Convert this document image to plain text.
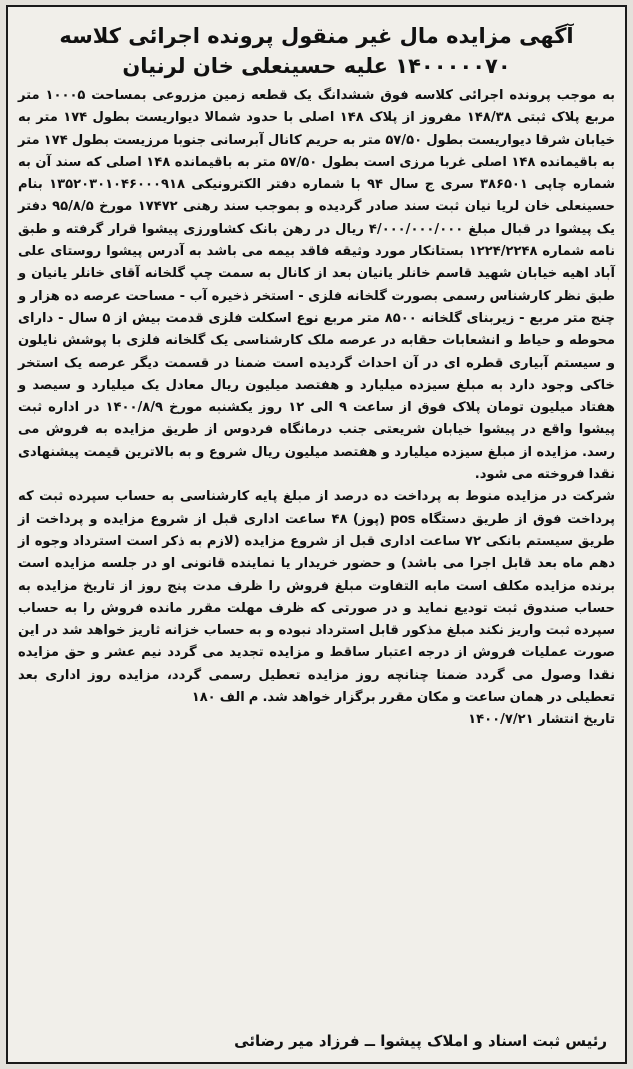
آگهی مزایده مال غیر منقول پرونده اجرائی کلاسه
۱۴۰۰۰۰۰۷۰ علیه حسینعلی خان لرنیان

به موجب پرونده اجرائی کلاسه فوق ششدانگ یک قطعه زمین مزروعی بمساحت ۱۰۰۰۵ متر مربع پلاک ثبتی ۱۴۸/۳۸ مفروز از پلاک ۱۴۸ اصلی با حدود شمالا دیواریست بطول ۱۷۴ متر به خیابان شرقا دیواریست بطول ۵۷/۵۰ متر به حریم کانال آبرسانی جنوبا مرزیست بطول ۱۷۴ متر به باقیمانده ۱۴۸ اصلی غربا مرزی است بطول ۵۷/۵۰ متر به باقیمانده ۱۴۸ اصلی که سند آن به شماره چاپی ۳۸۶۵۰۱ سری ج سال ۹۴ با شماره دفتر الکترونیکی ۱۳۵۲۰۳۰۱۰۴۶۰۰۰۹۱۸ بنام حسینعلی خان لریا نیان ثبت سند صادر گردیده و بموجب سند رهنی ۱۷۴۷۲ مورخ ۹۵/۸/۵ دفتر یک پیشوا در قبال مبلغ ۴/۰۰۰/۰۰۰/۰۰۰ ریال در رهن بانک کشاورزی پیشوا قرار گرفته و طبق نامه شماره ۱۲۲۴/۲۲۴۸ بستانکار مورد وثیقه فاقد بیمه می باشد به آدرس پیشوا روستای علی آباد اهیه خیابان شهید قاسم خانلر یانیان بعد از کانال به سمت چپ گلخانه آقای خانلر یانیان و طبق نظر کارشناس رسمی بصورت گلخانه فلزی - استخر ذخیره آب - مساحت عرصه ده هزار و چنج متر مربع - زیربنای گلخانه ۸۵۰۰ متر مربع نوع اسکلت فلزی قدمت بیش از ۵ سال - دارای محوطه و حیاط و انشعابات حقابه در عرصه ملک کارشناسی یک گلخانه فلزی با پوشش نایلون و سیستم آبیاری قطره ای در آن احداث گردیده است ضمنا در قسمت دیگر عرصه یک استخر خاکی وجود دارد به مبلغ سیزده میلیارد و هفتصد میلیون ریال معادل یک میلیارد و سیصد و هفتاد میلیون تومان پلاک فوق از ساعت ۹ الی ۱۲ روز یکشنبه مورخ ۱۴۰۰/۸/۹ در اداره ثبت پیشوا واقع در پیشوا خیابان شریعتی جنب درمانگاه فردوس از طریق مزایده به فروش می رسد. مزایده از مبلغ سیزده میلیارد و هفتصد میلیون ریال شروع و به بالاترین قیمت پیشنهادی نقدا فروخته می شود.

شرکت در مزایده منوط به پرداخت ده درصد از مبلغ پایه کارشناسی به حساب سپرده ثبت که پرداخت فوق از طریق دستگاه pos (پوز) ۴۸ ساعت اداری قبل از شروع مزایده و پرداخت از طریق سیستم بانکی ۷۲ ساعت اداری قبل از شروع مزایده (لازم به ذکر است استرداد وجوه از دهم ماه بعد قابل اجرا می باشد) و حضور خریدار یا نماینده قانونی او در جلسه مزایده است برنده مزایده مکلف است مابه التفاوت مبلغ فروش را ظرف مدت پنج روز از تاریخ مزایده به حساب صندوق ثبت تودیع نماید و در صورتی که ظرف مهلت مقرر مانده فروش را به حساب سپرده ثبت واریز نکند مبلغ مذکور قابل استرداد نبوده و به حساب خزانه ثاریز خواهد شد در این صورت عملیات فروش از درجه اعتبار ساقط و مزایده تجدید می گردد نیم عشر و حق مزایده نقدا وصول می گردد ضمنا چنانچه روز مزایده تعطیل رسمی گردد، مزایده روز اداری بعد تعطیلی در همان ساعت و مکان مقرر برگزار خواهد شد. م الف ۱۸۰

تاریخ انتشار ۱۴۰۰/۷/۲۱
رئیس ثبت اسناد و املاک پیشوا ــ فرزاد میر رضائی
